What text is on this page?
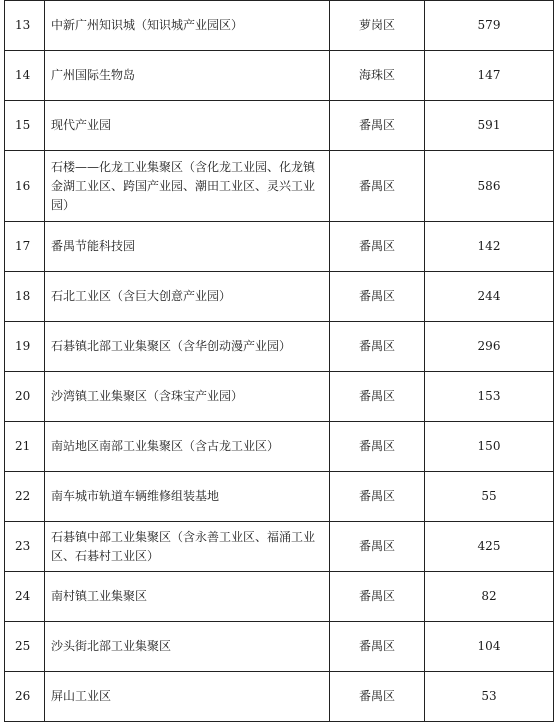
13	中新广州知识城（知识城产业园区）	萝岗区	579
14	广州国际生物岛	海珠区	147
15	现代产业园	番禺区	591
16	石楼——化龙工业集聚区（含化龙工业园、化龙镇金湖工业区、跨国产业园、潮田工业区、灵兴工业园）	番禺区	586
17	番禺节能科技园	番禺区	142
18	石北工业区（含巨大创意产业园）	番禺区	244
19	石碁镇北部工业集聚区（含华创动漫产业园）	番禺区	296
20	沙湾镇工业集聚区（含珠宝产业园）	番禺区	153
21	南站地区南部工业集聚区（含古龙工业区）	番禺区	150
22	南车城市轨道车辆维修组装基地	番禺区	55
23	石碁镇中部工业集聚区（含永善工业区、福涌工业区、石碁村工业区）	番禺区	425
24	南村镇工业集聚区	番禺区	82
25	沙头街北部工业集聚区	番禺区	104
26	屏山工业区	番禺区	53
